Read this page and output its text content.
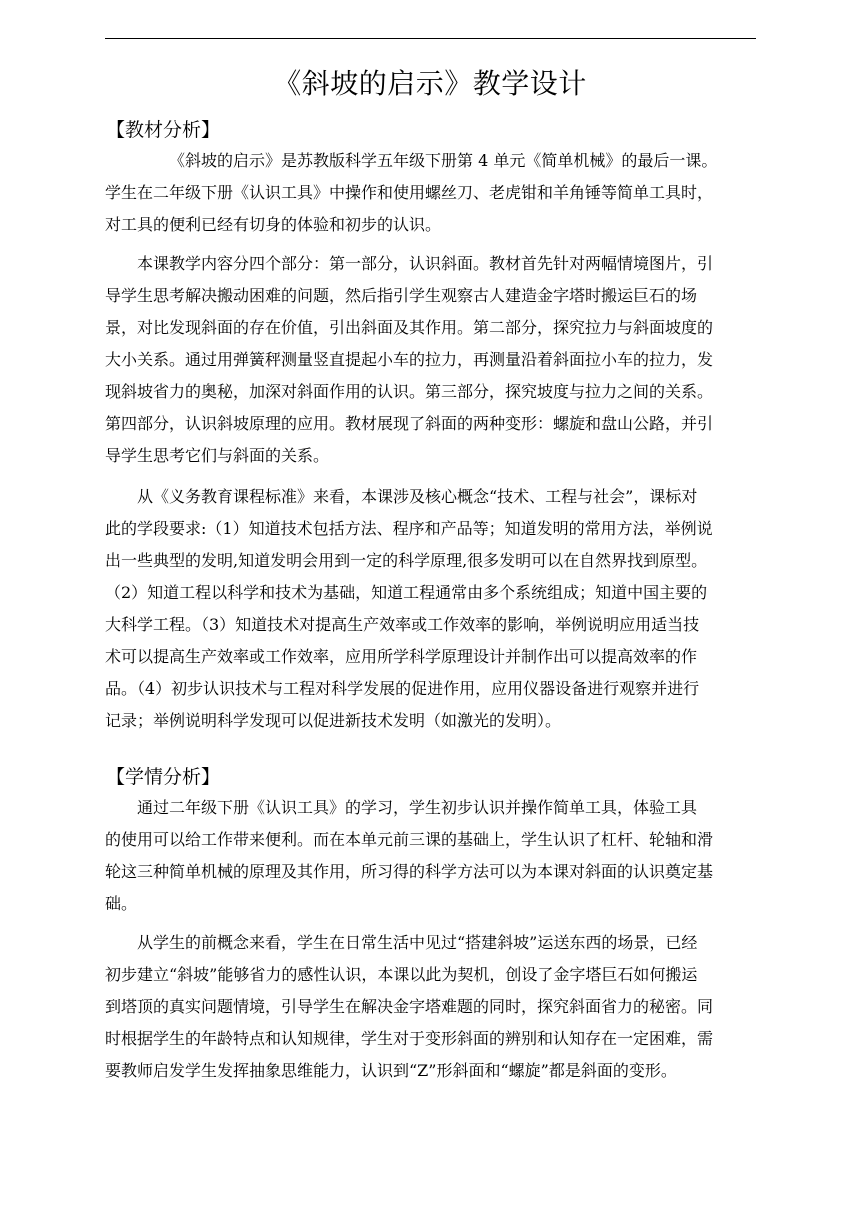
《斜坡的启示》教学设计
【教材分析】
《斜坡的启示》是苏教版科学五年级下册第 4 单元《简单机械》的最后一课。
学生在二年级下册《认识工具》中操作和使用螺丝刀、老虎钳和羊角锤等简单工具时，
对工具的便利已经有切身的体验和初步的认识。
本课教学内容分四个部分：第一部分，认识斜面。教材首先针对两幅情境图片，引
导学生思考解决搬动困难的问题，然后指引学生观察古人建造金字塔时搬运巨石的场
景，对比发现斜面的存在价值，引出斜面及其作用。第二部分，探究拉力与斜面坡度的
大小关系。通过用弹簧秤测量竖直提起小车的拉力，再测量沿着斜面拉小车的拉力，发
现斜坡省力的奥秘，加深对斜面作用的认识。第三部分，探究坡度与拉力之间的关系。
第四部分，认识斜坡原理的应用。教材展现了斜面的两种变形：螺旋和盘山公路，并引
导学生思考它们与斜面的关系。
从《义务教育课程标准》来看，本课涉及核心概念“技术、工程与社会”，课标对
此的学段要求:（1）知道技术包括方法、程序和产品等；知道发明的常用方法，举例说
出一些典型的发明,知道发明会用到一定的科学原理,很多发明可以在自然界找到原型。
（2）知道工程以科学和技术为基础，知道工程通常由多个系统组成；知道中国主要的
大科学工程。（3）知道技术对提高生产效率或工作效率的影响，举例说明应用适当技
术可以提高生产效率或工作效率，应用所学科学原理设计并制作出可以提高效率的作
品。（4）初步认识技术与工程对科学发展的促进作用，应用仪器设备进行观察并进行
记录；举例说明科学发现可以促进新技术发明（如激光的发明）。
【学情分析】
通过二年级下册《认识工具》的学习，学生初步认识并操作简单工具，体验工具
的使用可以给工作带来便利。而在本单元前三课的基础上，学生认识了杠杆、轮轴和滑
轮这三种简单机械的原理及其作用，所习得的科学方法可以为本课对斜面的认识奠定基
础。
从学生的前概念来看，学生在日常生活中见过“搭建斜坡”运送东西的场景，已经
初步建立“斜坡”能够省力的感性认识，本课以此为契机，创设了金字塔巨石如何搬运
到塔顶的真实问题情境，引导学生在解决金字塔难题的同时，探究斜面省力的秘密。同
时根据学生的年龄特点和认知规律，学生对于变形斜面的辨别和认知存在一定困难，需
要教师启发学生发挥抽象思维能力，认识到“Z”形斜面和“螺旋”都是斜面的变形。
